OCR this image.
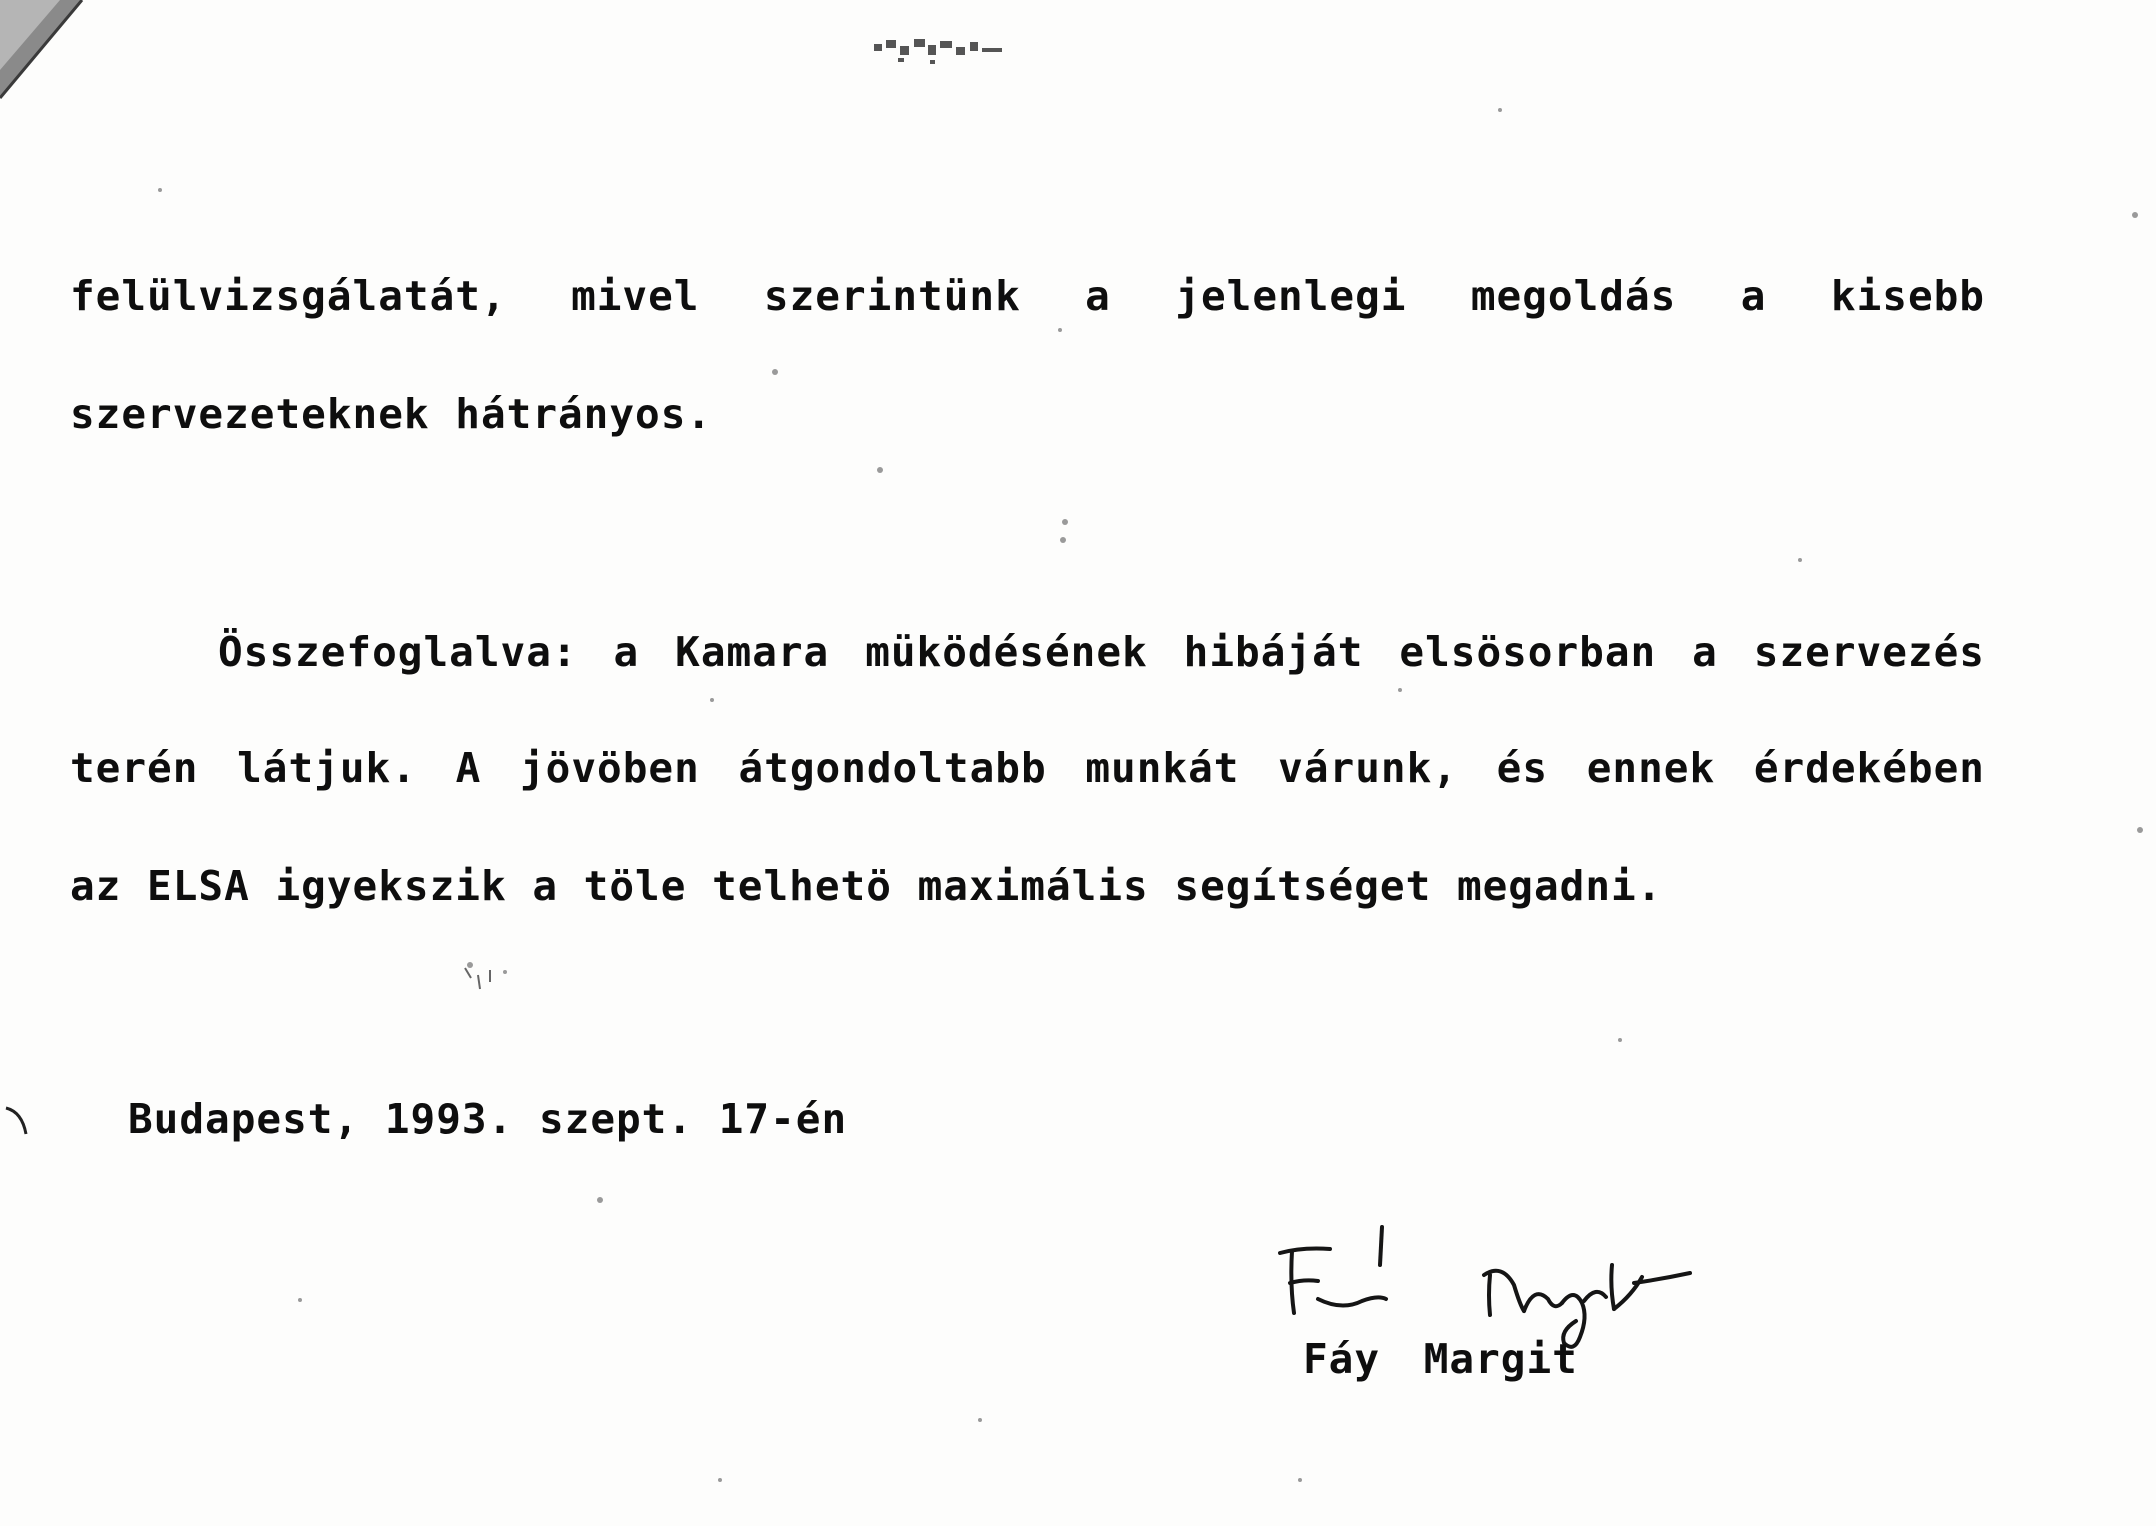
felülvizsgálatát, mivel szerintünk a jelenlegi megoldás a kisebb
szervezeteknek hátrányos.
Összefoglalva: a Kamara müködésének hibáját elsösorban a szervezés
terén látjuk. A jövöben átgondoltabb munkát várunk, és ennek érdekében
az ELSA igyekszik a töle telhetö maximális segítséget megadni.
Budapest, 1993. szept. 17-én
Fáy Margit
